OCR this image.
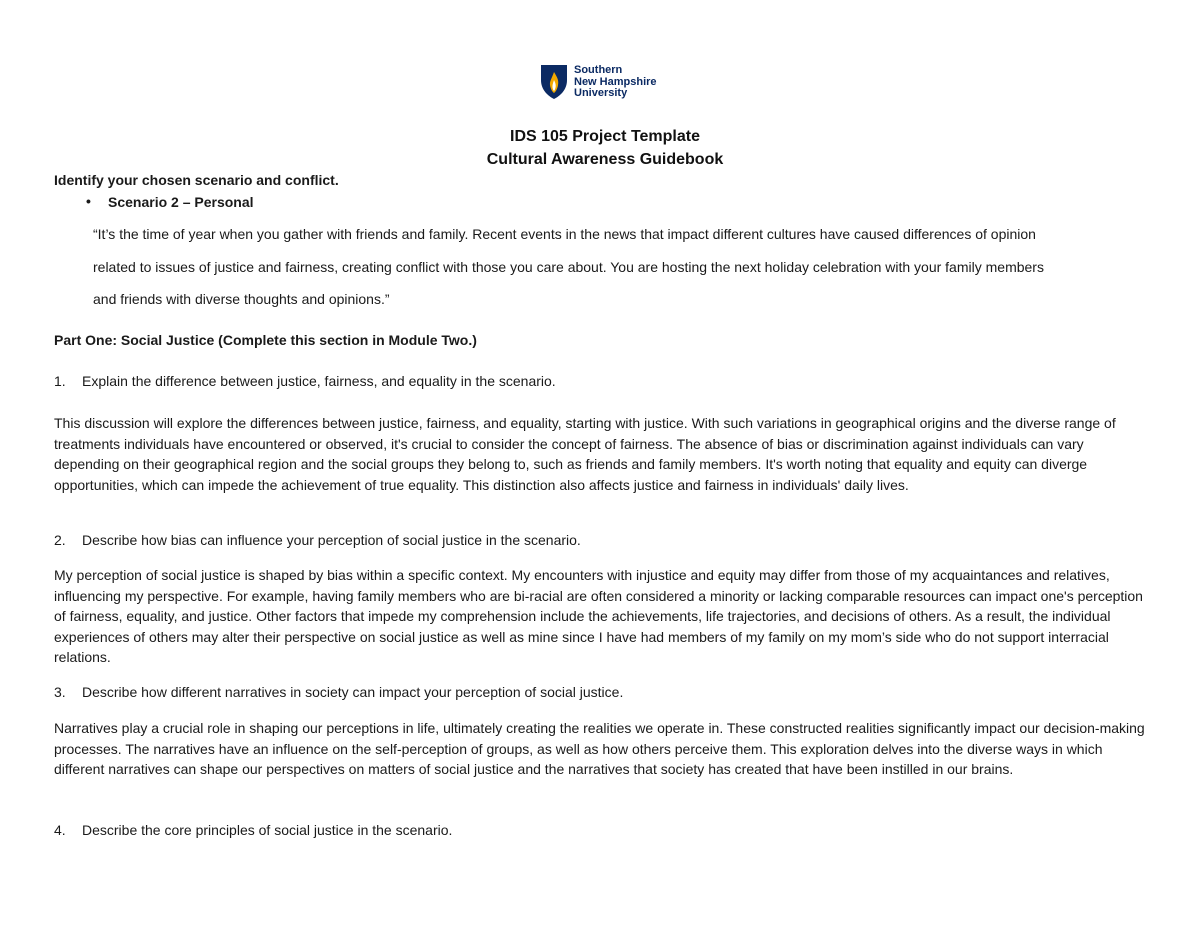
Southern
New Hampshire
University
IDS 105 Project Template
Cultural Awareness Guidebook
Identify your chosen scenario and conflict.
• Scenario 2 – Personal
“It’s the time of year when you gather with friends and family. Recent events in the news that impact different cultures have caused differences of opinion
related to issues of justice and fairness, creating conflict with those you care about. You are hosting the next holiday celebration with your family members
and friends with diverse thoughts and opinions.”
Part One: Social Justice (Complete this section in Module Two.)
1. Explain the difference between justice, fairness, and equality in the scenario.
This discussion will explore the differences between justice, fairness, and equality, starting with justice. With such variations in geographical origins and the diverse range of treatments individuals have encountered or observed, it's crucial to consider the concept of fairness. The absence of bias or discrimination against individuals can vary depending on their geographical region and the social groups they belong to, such as friends and family members. It's worth noting that equality and equity can diverge opportunities, which can impede the achievement of true equality. This distinction also affects justice and fairness in individuals' daily lives.
2. Describe how bias can influence your perception of social justice in the scenario.
My perception of social justice is shaped by bias within a specific context. My encounters with injustice and equity may differ from those of my acquaintances and relatives, influencing my perspective. For example, having family members who are bi-racial are often considered a minority or lacking comparable resources can impact one's perception of fairness, equality, and justice. Other factors that impede my comprehension include the achievements, life trajectories, and decisions of others. As a result, the individual experiences of others may alter their perspective on social justice as well as mine since I have had members of my family on my mom’s side who do not support interracial relations.
3. Describe how different narratives in society can impact your perception of social justice.
Narratives play a crucial role in shaping our perceptions in life, ultimately creating the realities we operate in. These constructed realities significantly impact our decision-making processes. The narratives have an influence on the self-perception of groups, as well as how others perceive them. This exploration delves into the diverse ways in which different narratives can shape our perspectives on matters of social justice and the narratives that society has created that have been instilled in our brains.
4. Describe the core principles of social justice in the scenario.
